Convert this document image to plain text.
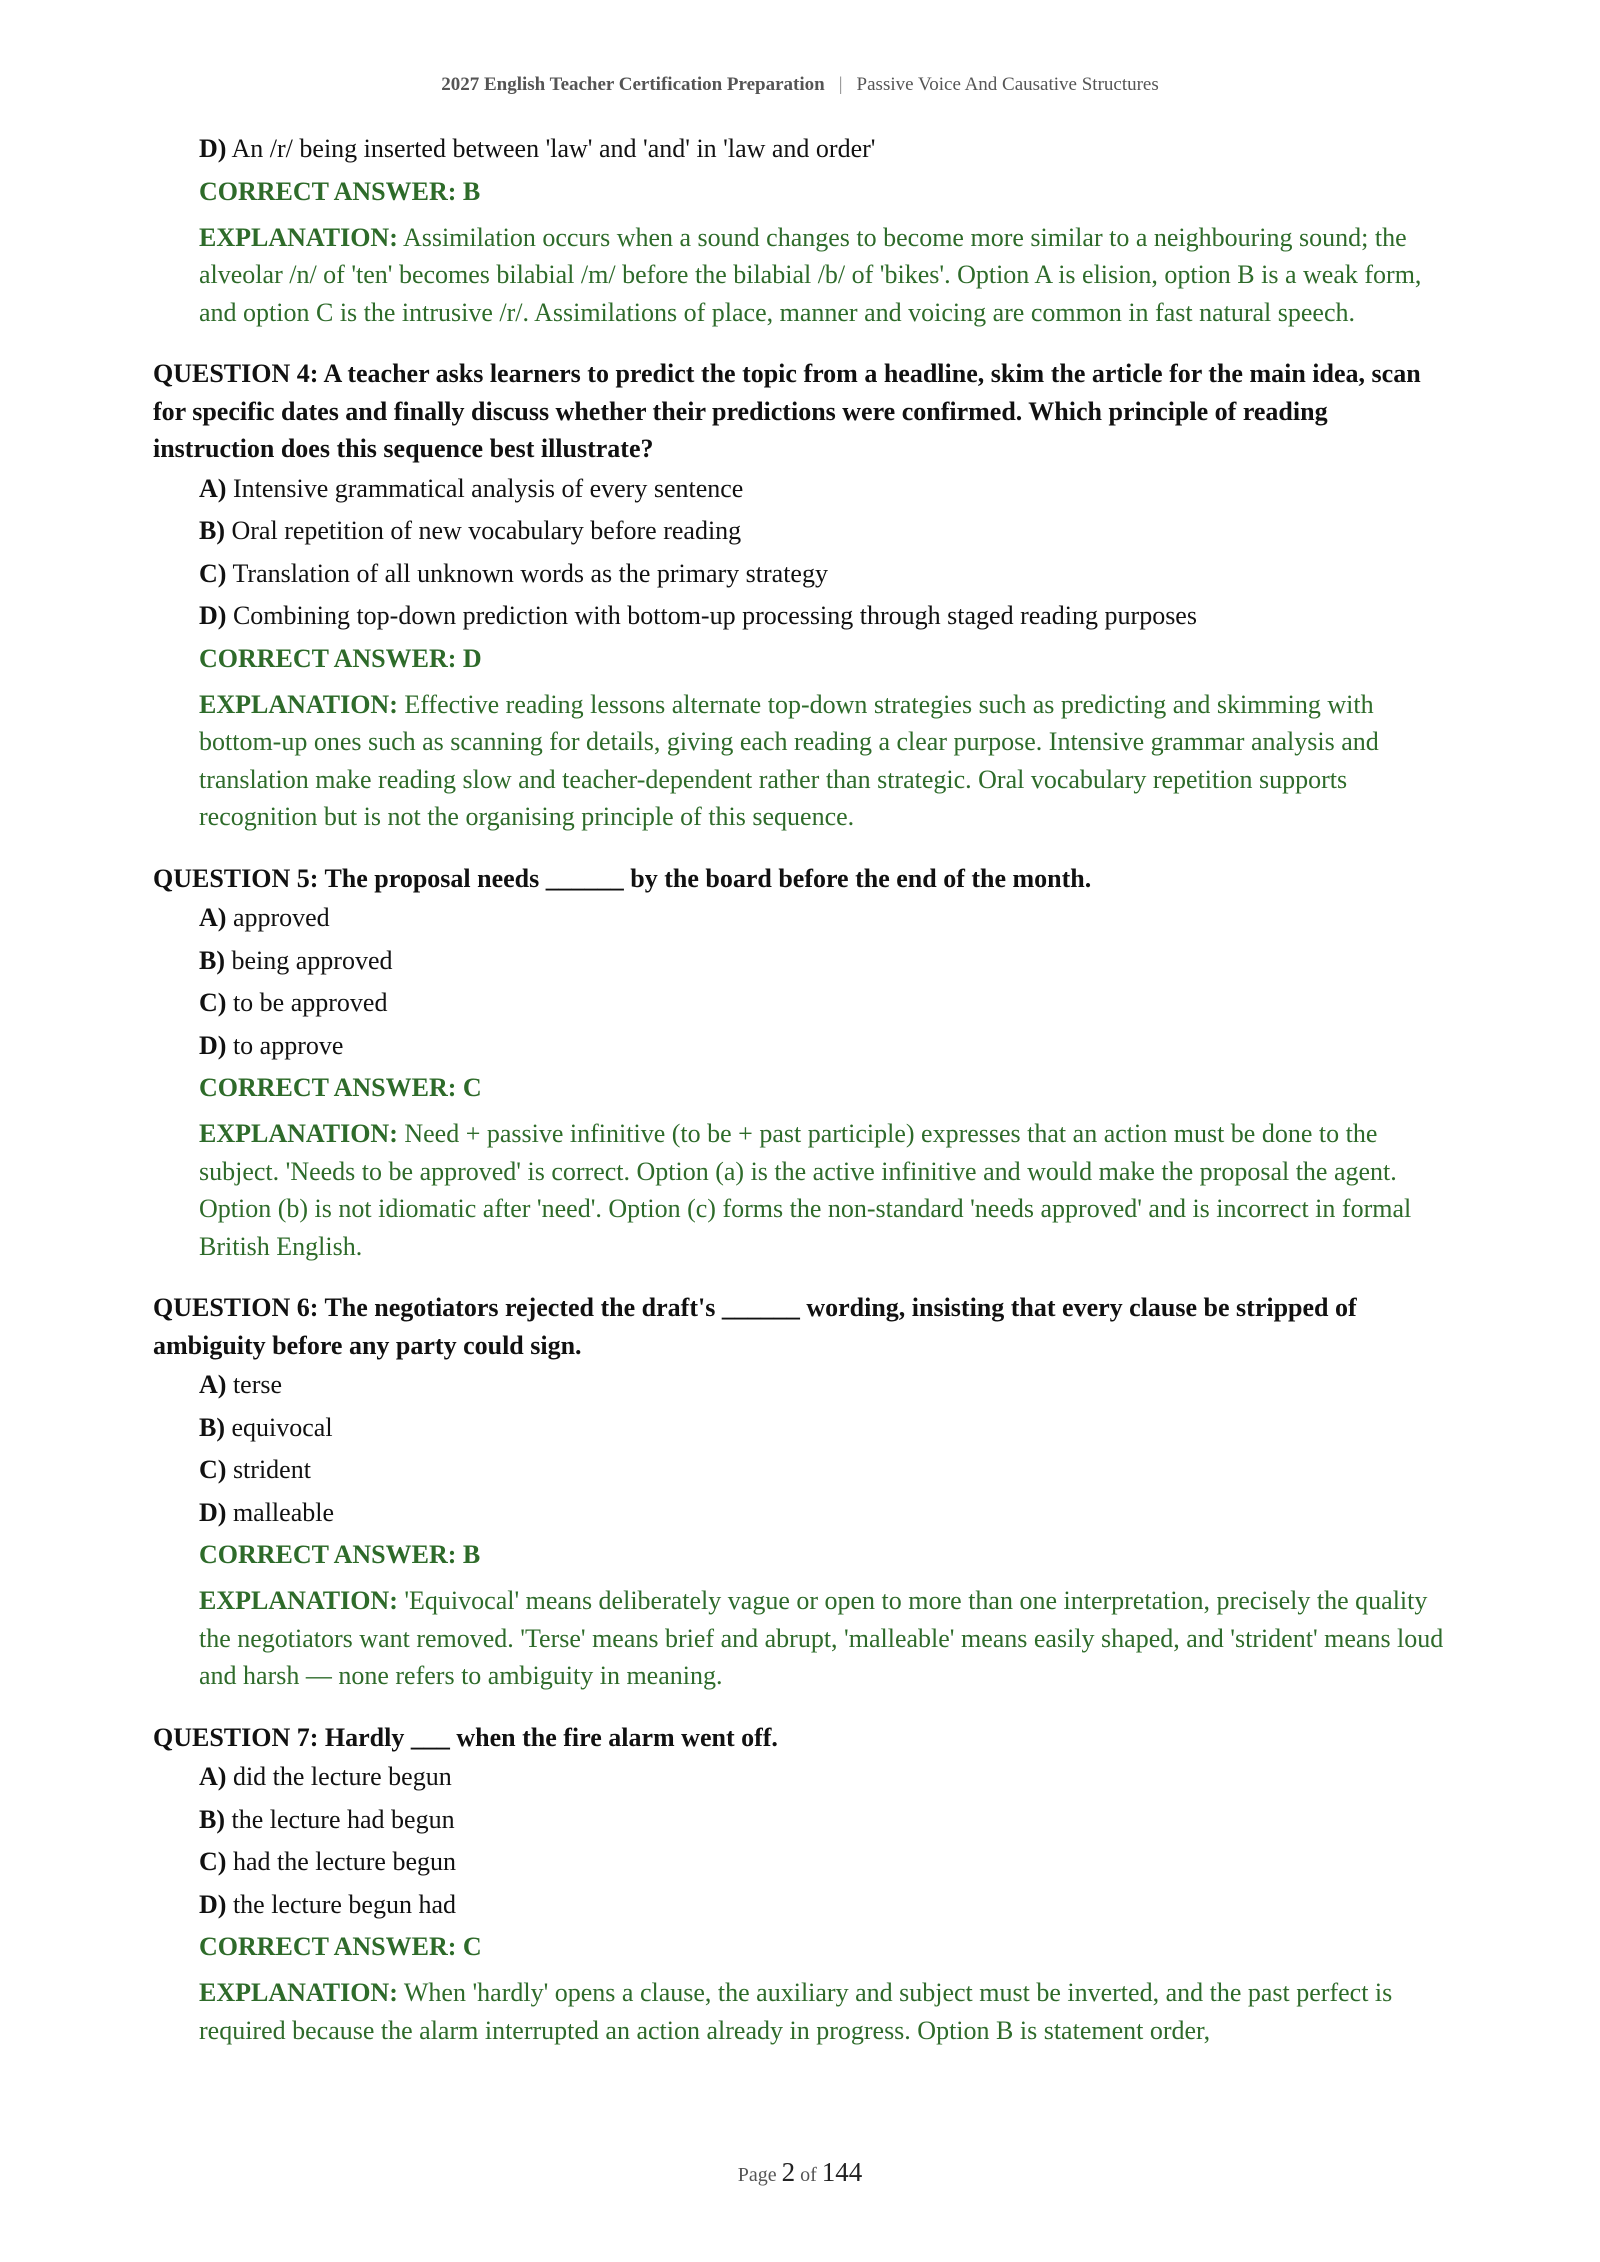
2027 English Teacher Certification Preparation | Passive Voice And Causative Structures
D) An /r/ being inserted between 'law' and 'and' in 'law and order'
CORRECT ANSWER: B
EXPLANATION: Assimilation occurs when a sound changes to become more similar to a neighbouring sound; the alveolar /n/ of 'ten' becomes bilabial /m/ before the bilabial /b/ of 'bikes'. Option A is elision, option B is a weak form, and option C is the intrusive /r/. Assimilations of place, manner and voicing are common in fast natural speech.
QUESTION 4: A teacher asks learners to predict the topic from a headline, skim the article for the main idea, scan for specific dates and finally discuss whether their predictions were confirmed. Which principle of reading instruction does this sequence best illustrate?
A) Intensive grammatical analysis of every sentence
B) Oral repetition of new vocabulary before reading
C) Translation of all unknown words as the primary strategy
D) Combining top-down prediction with bottom-up processing through staged reading purposes
CORRECT ANSWER: D
EXPLANATION: Effective reading lessons alternate top-down strategies such as predicting and skimming with bottom-up ones such as scanning for details, giving each reading a clear purpose. Intensive grammar analysis and translation make reading slow and teacher-dependent rather than strategic. Oral vocabulary repetition supports recognition but is not the organising principle of this sequence.
QUESTION 5: The proposal needs ______ by the board before the end of the month.
A) approved
B) being approved
C) to be approved
D) to approve
CORRECT ANSWER: C
EXPLANATION: Need + passive infinitive (to be + past participle) expresses that an action must be done to the subject. 'Needs to be approved' is correct. Option (a) is the active infinitive and would make the proposal the agent. Option (b) is not idiomatic after 'need'. Option (c) forms the non-standard 'needs approved' and is incorrect in formal British English.
QUESTION 6: The negotiators rejected the draft's ______ wording, insisting that every clause be stripped of ambiguity before any party could sign.
A) terse
B) equivocal
C) strident
D) malleable
CORRECT ANSWER: B
EXPLANATION: 'Equivocal' means deliberately vague or open to more than one interpretation, precisely the quality the negotiators want removed. 'Terse' means brief and abrupt, 'malleable' means easily shaped, and 'strident' means loud and harsh — none refers to ambiguity in meaning.
QUESTION 7: Hardly ___ when the fire alarm went off.
A) did the lecture begun
B) the lecture had begun
C) had the lecture begun
D) the lecture begun had
CORRECT ANSWER: C
EXPLANATION: When 'hardly' opens a clause, the auxiliary and subject must be inverted, and the past perfect is required because the alarm interrupted an action already in progress. Option B is statement order,
Page 2 of 144
